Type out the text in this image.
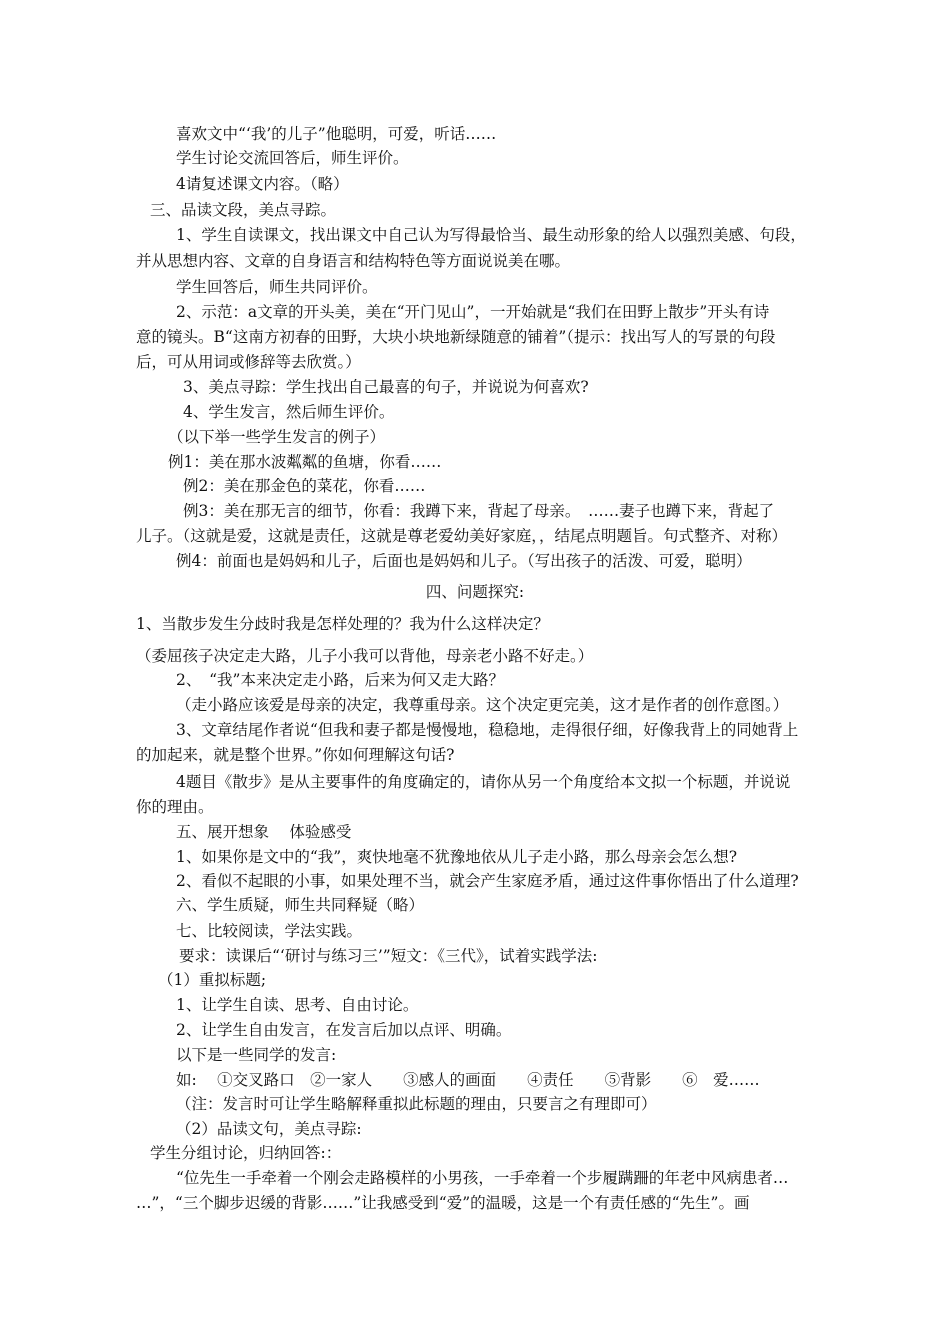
喜欢文中“‘我’的儿子”他聪明，可爱，听话……
学生讨论交流回答后，师生评价。
4请复述课文内容。（略）
三、品读文段，美点寻踪。
1、学生自读课文，找出课文中自己认为写得最恰当、最生动形象的给人以强烈美感、句段，
并从思想内容、文章的自身语言和结构特色等方面说说美在哪。
学生回答后，师生共同评价。
2、示范：a文章的开头美，美在“开门见山”，一开始就是“我们在田野上散步”开头有诗
意的镜头。B“这南方初春的田野，大块小块地新绿随意的铺着”（提示：找出写人的写景的句段
后，可从用词或修辞等去欣赏。）
3、美点寻踪：学生找出自己最喜的句子，并说说为何喜欢?
4、学生发言，然后师生评价。
（以下举一些学生发言的例子）
例1：美在那水波粼粼的鱼塘，你看……
例2：美在那金色的菜花，你看……
例3：美在那无言的细节，你看：我蹲下来，背起了母亲。　……妻子也蹲下来，背起了
儿子。（这就是爱，这就是责任，这就是尊老爱幼美好家庭，，结尾点明题旨。句式整齐、对称）
例4：前面也是妈妈和儿子，后面也是妈妈和儿子。（写出孩子的活泼、可爱，聪明）
四、问题探究:
1、当散步发生分歧时我是怎样处理的？我为什么这样决定？
（委屈孩子决定走大路，儿子小我可以背他，母亲老小路不好走。）
2、　“我”本来决定走小路，后来为何又走大路？
（走小路应该爱是母亲的决定，我尊重母亲。这个决定更完美，这才是作者的创作意图。）
3、文章结尾作者说“但我和妻子都是慢慢地，稳稳地，走得很仔细，好像我背上的同她背上
的加起来，就是整个世界。”你如何理解这句话?
4题目《散步》是从主要事件的角度确定的，请你从另一个角度给本文拟一个标题，并说说
你的理由。
五、展开想象　 体验感受
1、如果你是文中的“我”，爽快地毫不犹豫地依从儿子走小路，那么母亲会怎么想?
2、看似不起眼的小事，如果处理不当，就会产生家庭矛盾，通过这件事你悟出了什么道理?
六、学生质疑，师生共同释疑（略）
七、比较阅读，学法实践。
要求：读课后“‘研讨与练习三’”短文：《三代》，试着实践学法:
（1）重拟标题;
1、让学生自读、思考、自由讨论。
2、让学生自由发言，在发言后加以点评、明确。
以下是一些同学的发言:
如:　 ①交叉路口　②一家人　　③感人的画面　　④责任　　⑤背影　　⑥　爱……
（注：发言时可让学生略解释重拟此标题的理由，只要言之有理即可）
（2）品读文句，美点寻踪:
学生分组讨论，归纳回答:：
“位先生一手牵着一个刚会走路模样的小男孩，一手牵着一个步履蹒跚的年老中风病患者…
…”，“三个脚步迟缓的背影……”让我感受到“爱”的温暖，这是一个有责任感的“先生”。画
